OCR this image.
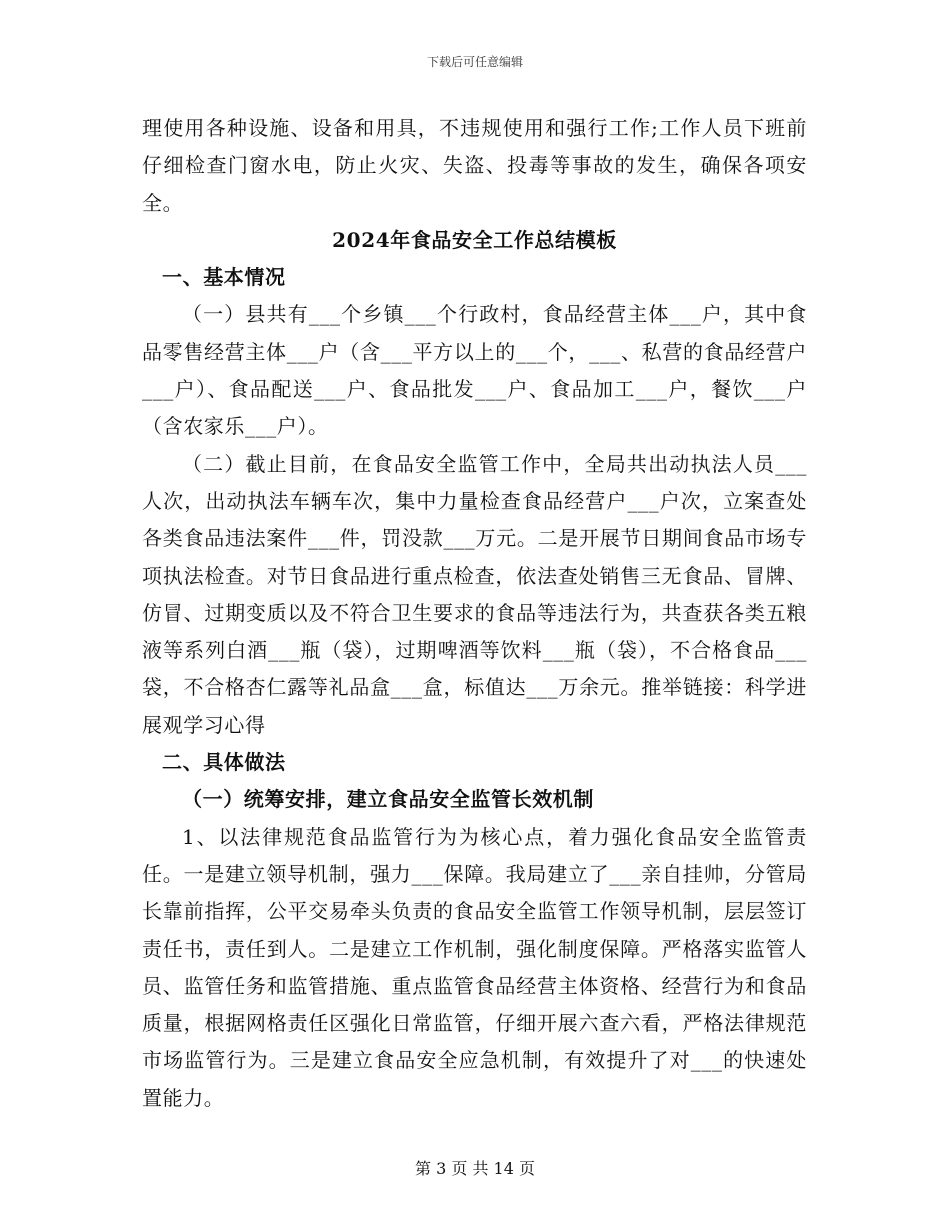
下载后可任意编辑

理使用各种设施、设备和用具，不违规使用和强行工作;工作人员下班前仔细检查门窗水电，防止火灾、失盗、投毒等事故的发生，确保各项安全。

2024年食品安全工作总结模板

一、基本情况

（一）县共有___个乡镇___个行政村，食品经营主体___户，其中食品零售经营主体___户（含___平方以上的___个，___、私营的食品经营户___户）、食品配送___户、食品批发___户、食品加工___户，餐饮___户（含农家乐___户）。

（二）截止目前，在食品安全监管工作中，全局共出动执法人员___人次，出动执法车辆车次，集中力量检查食品经营户___户次，立案查处各类食品违法案件___件，罚没款___万元。二是开展节日期间食品市场专项执法检查。对节日食品进行重点检查，依法查处销售三无食品、冒牌、仿冒、过期变质以及不符合卫生要求的食品等违法行为，共查获各类五粮液等系列白酒___瓶（袋），过期啤酒等饮料___瓶（袋），不合格食品___袋，不合格杏仁露等礼品盒___盒，标值达___万余元。推举链接：科学进展观学习心得

二、具体做法

（一）统筹安排，建立食品安全监管长效机制

1、以法律规范食品监管行为为核心点，着力强化食品安全监管责任。一是建立领导机制，强力___保障。我局建立了___亲自挂帅，分管局长靠前指挥，公平交易牵头负责的食品安全监管工作领导机制，层层签订责任书，责任到人。二是建立工作机制，强化制度保障。严格落实监管人员、监管任务和监管措施、重点监管食品经营主体资格、经营行为和食品质量，根据网格责任区强化日常监管，仔细开展六查六看，严格法律规范市场监管行为。三是建立食品安全应急机制，有效提升了对___的快速处置能力。

第 3 页 共 14 页
